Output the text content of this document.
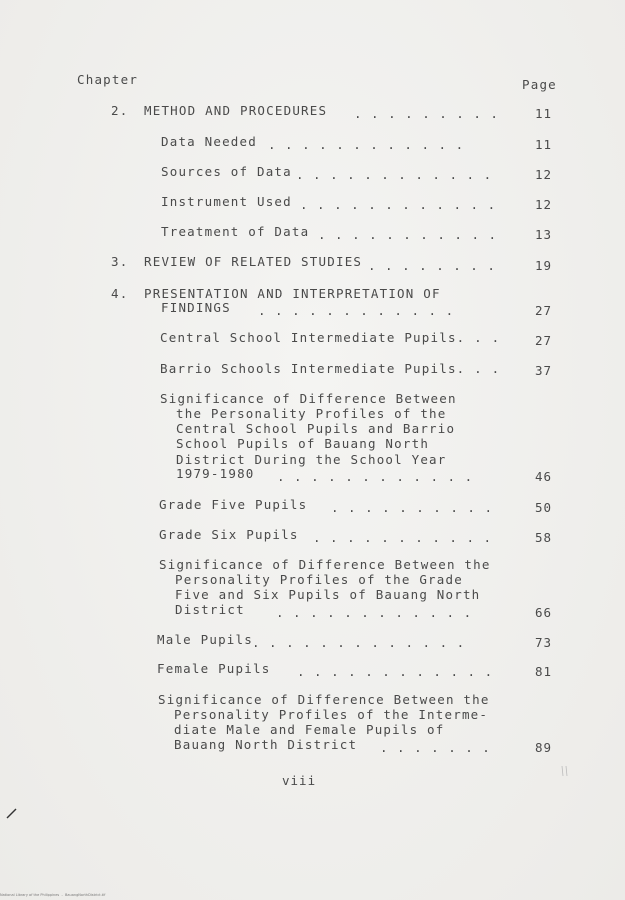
Chapter	Page
2. METHOD AND PROCEDURES . . . . . . . . .	11
Data Needed . . . . . . . . . . . .	11
Sources of Data . . . . . . . . . . . .	12
Instrument Used . . . . . . . . . . . .	12
Treatment of Data . . . . . . . . . . .	13
3. REVIEW OF RELATED STUDIES . . . . . . . .	19
4. PRESENTATION AND INTERPRETATION OF
FINDINGS . . . . . . . . . . . .	27
Central School Intermediate Pupils. . .	27
Barrio Schools Intermediate Pupils. . .	37
Significance of Difference Between
the Personality Profiles of the
Central School Pupils and Barrio
School Pupils of Bauang North
District During the School Year
1979-1980 . . . . . . . . . . . .	46
Grade Five Pupils . . . . . . . . . .	50
Grade Six Pupils . . . . . . . . . . .	58
Significance of Difference Between the
Personality Profiles of the Grade
Five and Six Pupils of Bauang North
District . . . . . . . . . . . .	66
Male Pupils . . . . . . . . . . . . .	73
Female Pupils . . . . . . . . . . . .	81
Significance of Difference Between the
Personality Profiles of the Interme-
diate Male and Female Pupils of
Bauang North District . . . . . . .	89
viii
National Library of the Philippines  -  BauangNorthDistrict.tif
